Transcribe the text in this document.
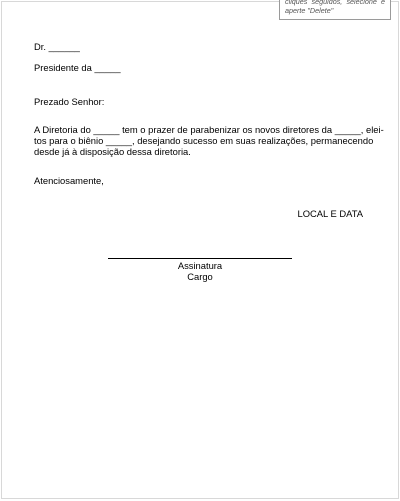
cliques seguidos, selecione e
aperte "Delete"
Dr. ______
Presidente da _____
Prezado Senhor:
A Diretoria do _____ tem o prazer de parabenizar os novos diretores da _____, elei-
tos para o biênio _____, desejando sucesso em suas realizações, permanecendo
desde já à disposição dessa diretoria.
Atenciosamente,
LOCAL E DATA
Assinatura
Cargo
